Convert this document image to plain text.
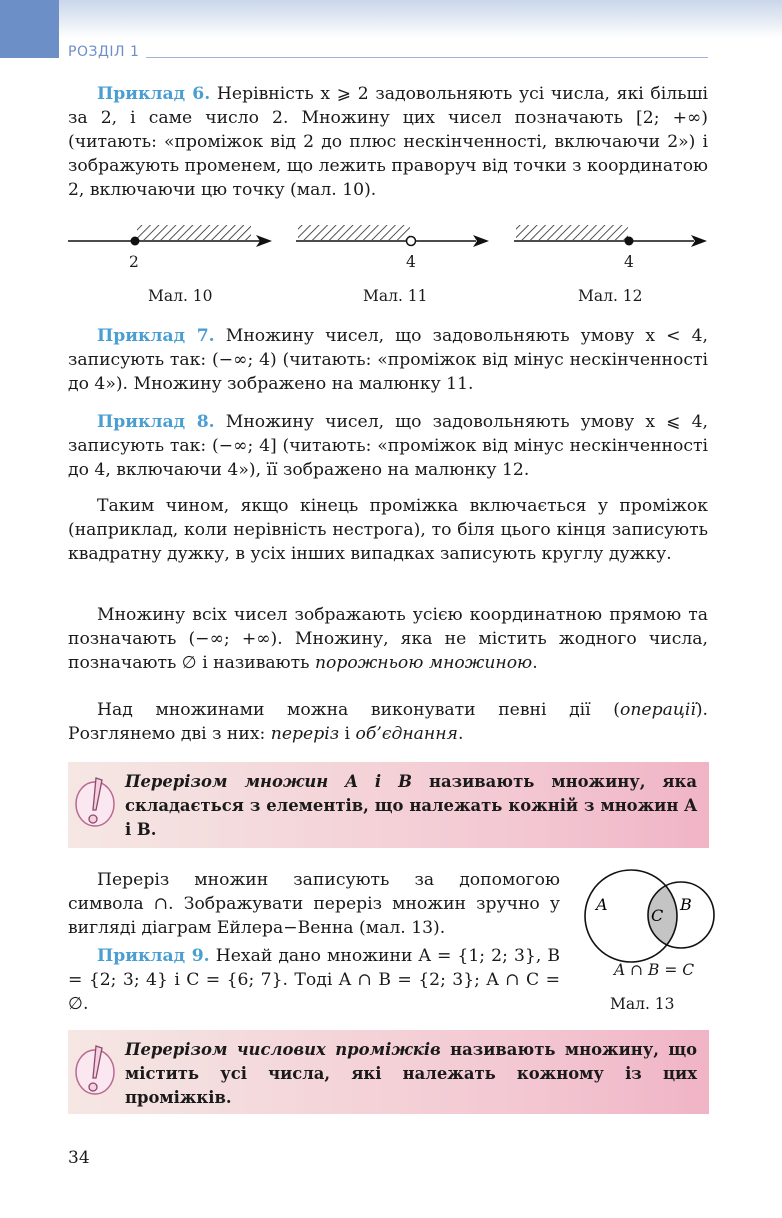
РОЗДІЛ 1

Приклад 6. Нерівність x ⩾ 2 задовольняють усі числа, які більші за 2, і саме число 2. Множину цих чисел позначають [2; +∞) (читають: «проміжок від 2 до плюс нескінченності, включаючи 2») і зображують променем, що лежить праворуч від точки з координатою 2, включаючи цю точку (мал. 10).

2
Мал. 10
4
Мал. 11
4
Мал. 12

Приклад 7. Множину чисел, що задовольняють умову x < 4, записують так: (−∞; 4) (читають: «проміжок від мінус нескінченності до 4»). Множину зображено на малюнку 11.

Приклад 8. Множину чисел, що задовольняють умову x ⩽ 4, записують так: (−∞; 4] (читають: «проміжок від мінус нескінченності до 4, включаючи 4»), її зображено на малюнку 12.

Таким чином, якщо кінець проміжка включається у проміжок (наприклад, коли нерівність нестрога), то біля цього кінця записують квадратну дужку, в усіх інших випадках записують круглу дужку.

Множину всіх чисел зображають усією координатною прямою та позначають (−∞; +∞). Множину, яка не містить жодного числа, позначають ∅ і називають порожньою множиною.

Над множинами можна виконувати певні дії (операції). Розглянемо дві з них: переріз і об’єднання.

Перерізом множин A і B називають множину, яка складається з елементів, що належать кожній з множин A і B.

Переріз множин записують за допомогою символа ∩. Зображувати переріз множин зручно у вигляді діаграм Ейлера−Венна (мал. 13).

Приклад 9. Нехай дано множини A = {1; 2; 3}, B = {2; 3; 4} і C = {6; 7}. Тоді A ∩ B = {2; 3}; A ∩ C = ∅.

A	B
C
A ∩ B = C
Мал. 13

Перерізом числових проміжків називають множину, що містить усі числа, які належать кожному із цих проміжків.

34
